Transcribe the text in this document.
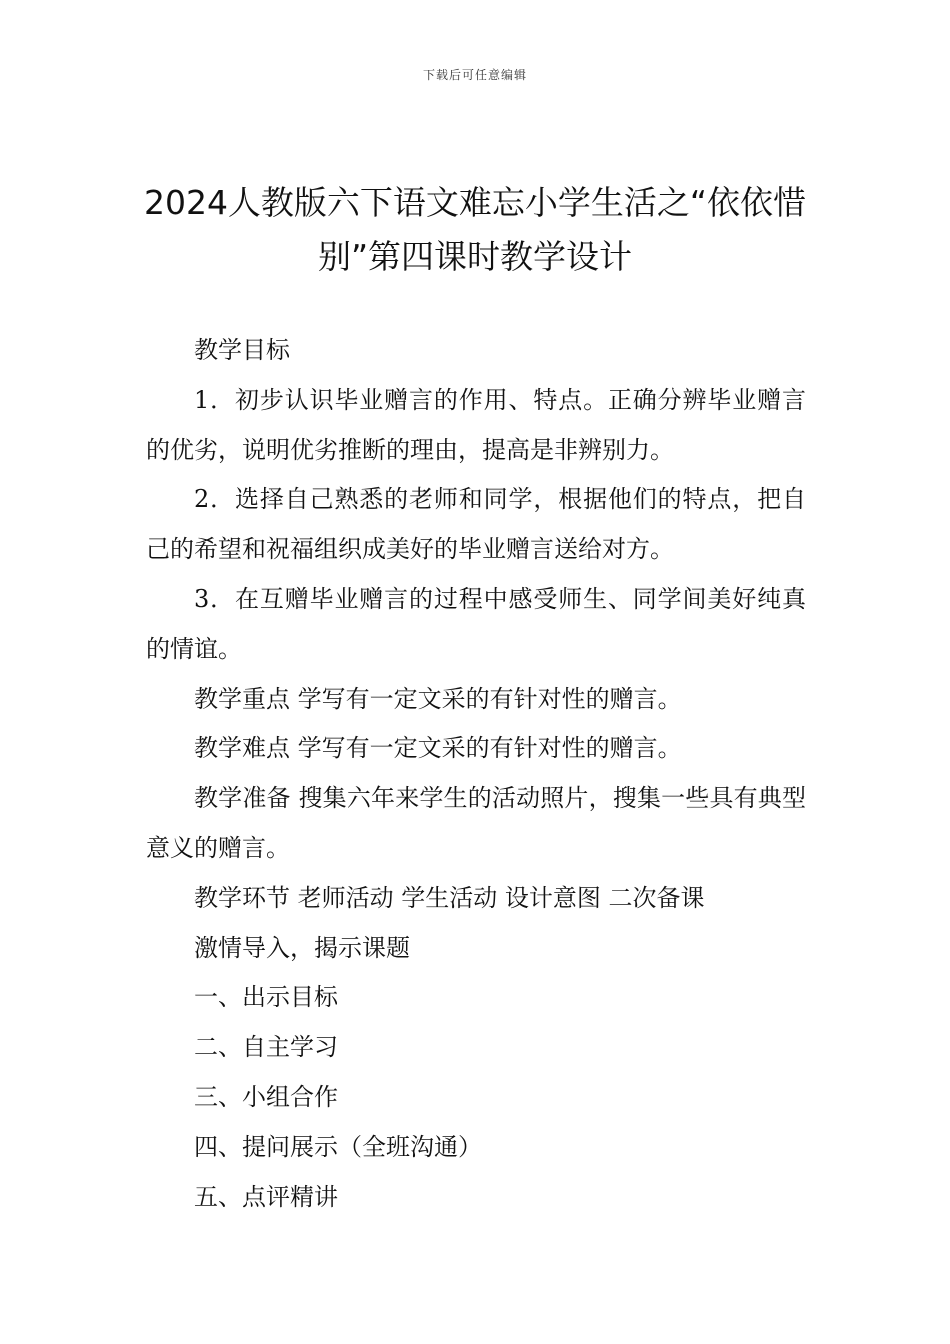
下载后可任意编辑
2024人教版六下语文难忘小学生活之“依依惜别”第四课时教学设计

教学目标

1．初步认识毕业赠言的作用、特点。正确分辨毕业赠言的优劣，说明优劣推断的理由，提高是非辨别力。

2．选择自己熟悉的老师和同学，根据他们的特点，把自己的希望和祝福组织成美好的毕业赠言送给对方。

3．在互赠毕业赠言的过程中感受师生、同学间美好纯真的情谊。

教学重点 学写有一定文采的有针对性的赠言。

教学难点 学写有一定文采的有针对性的赠言。

教学准备 搜集六年来学生的活动照片，搜集一些具有典型意义的赠言。

教学环节 老师活动 学生活动 设计意图 二次备课

激情导入，揭示课题

一、出示目标

二、自主学习

三、小组合作

四、提问展示（全班沟通）

五、点评精讲
